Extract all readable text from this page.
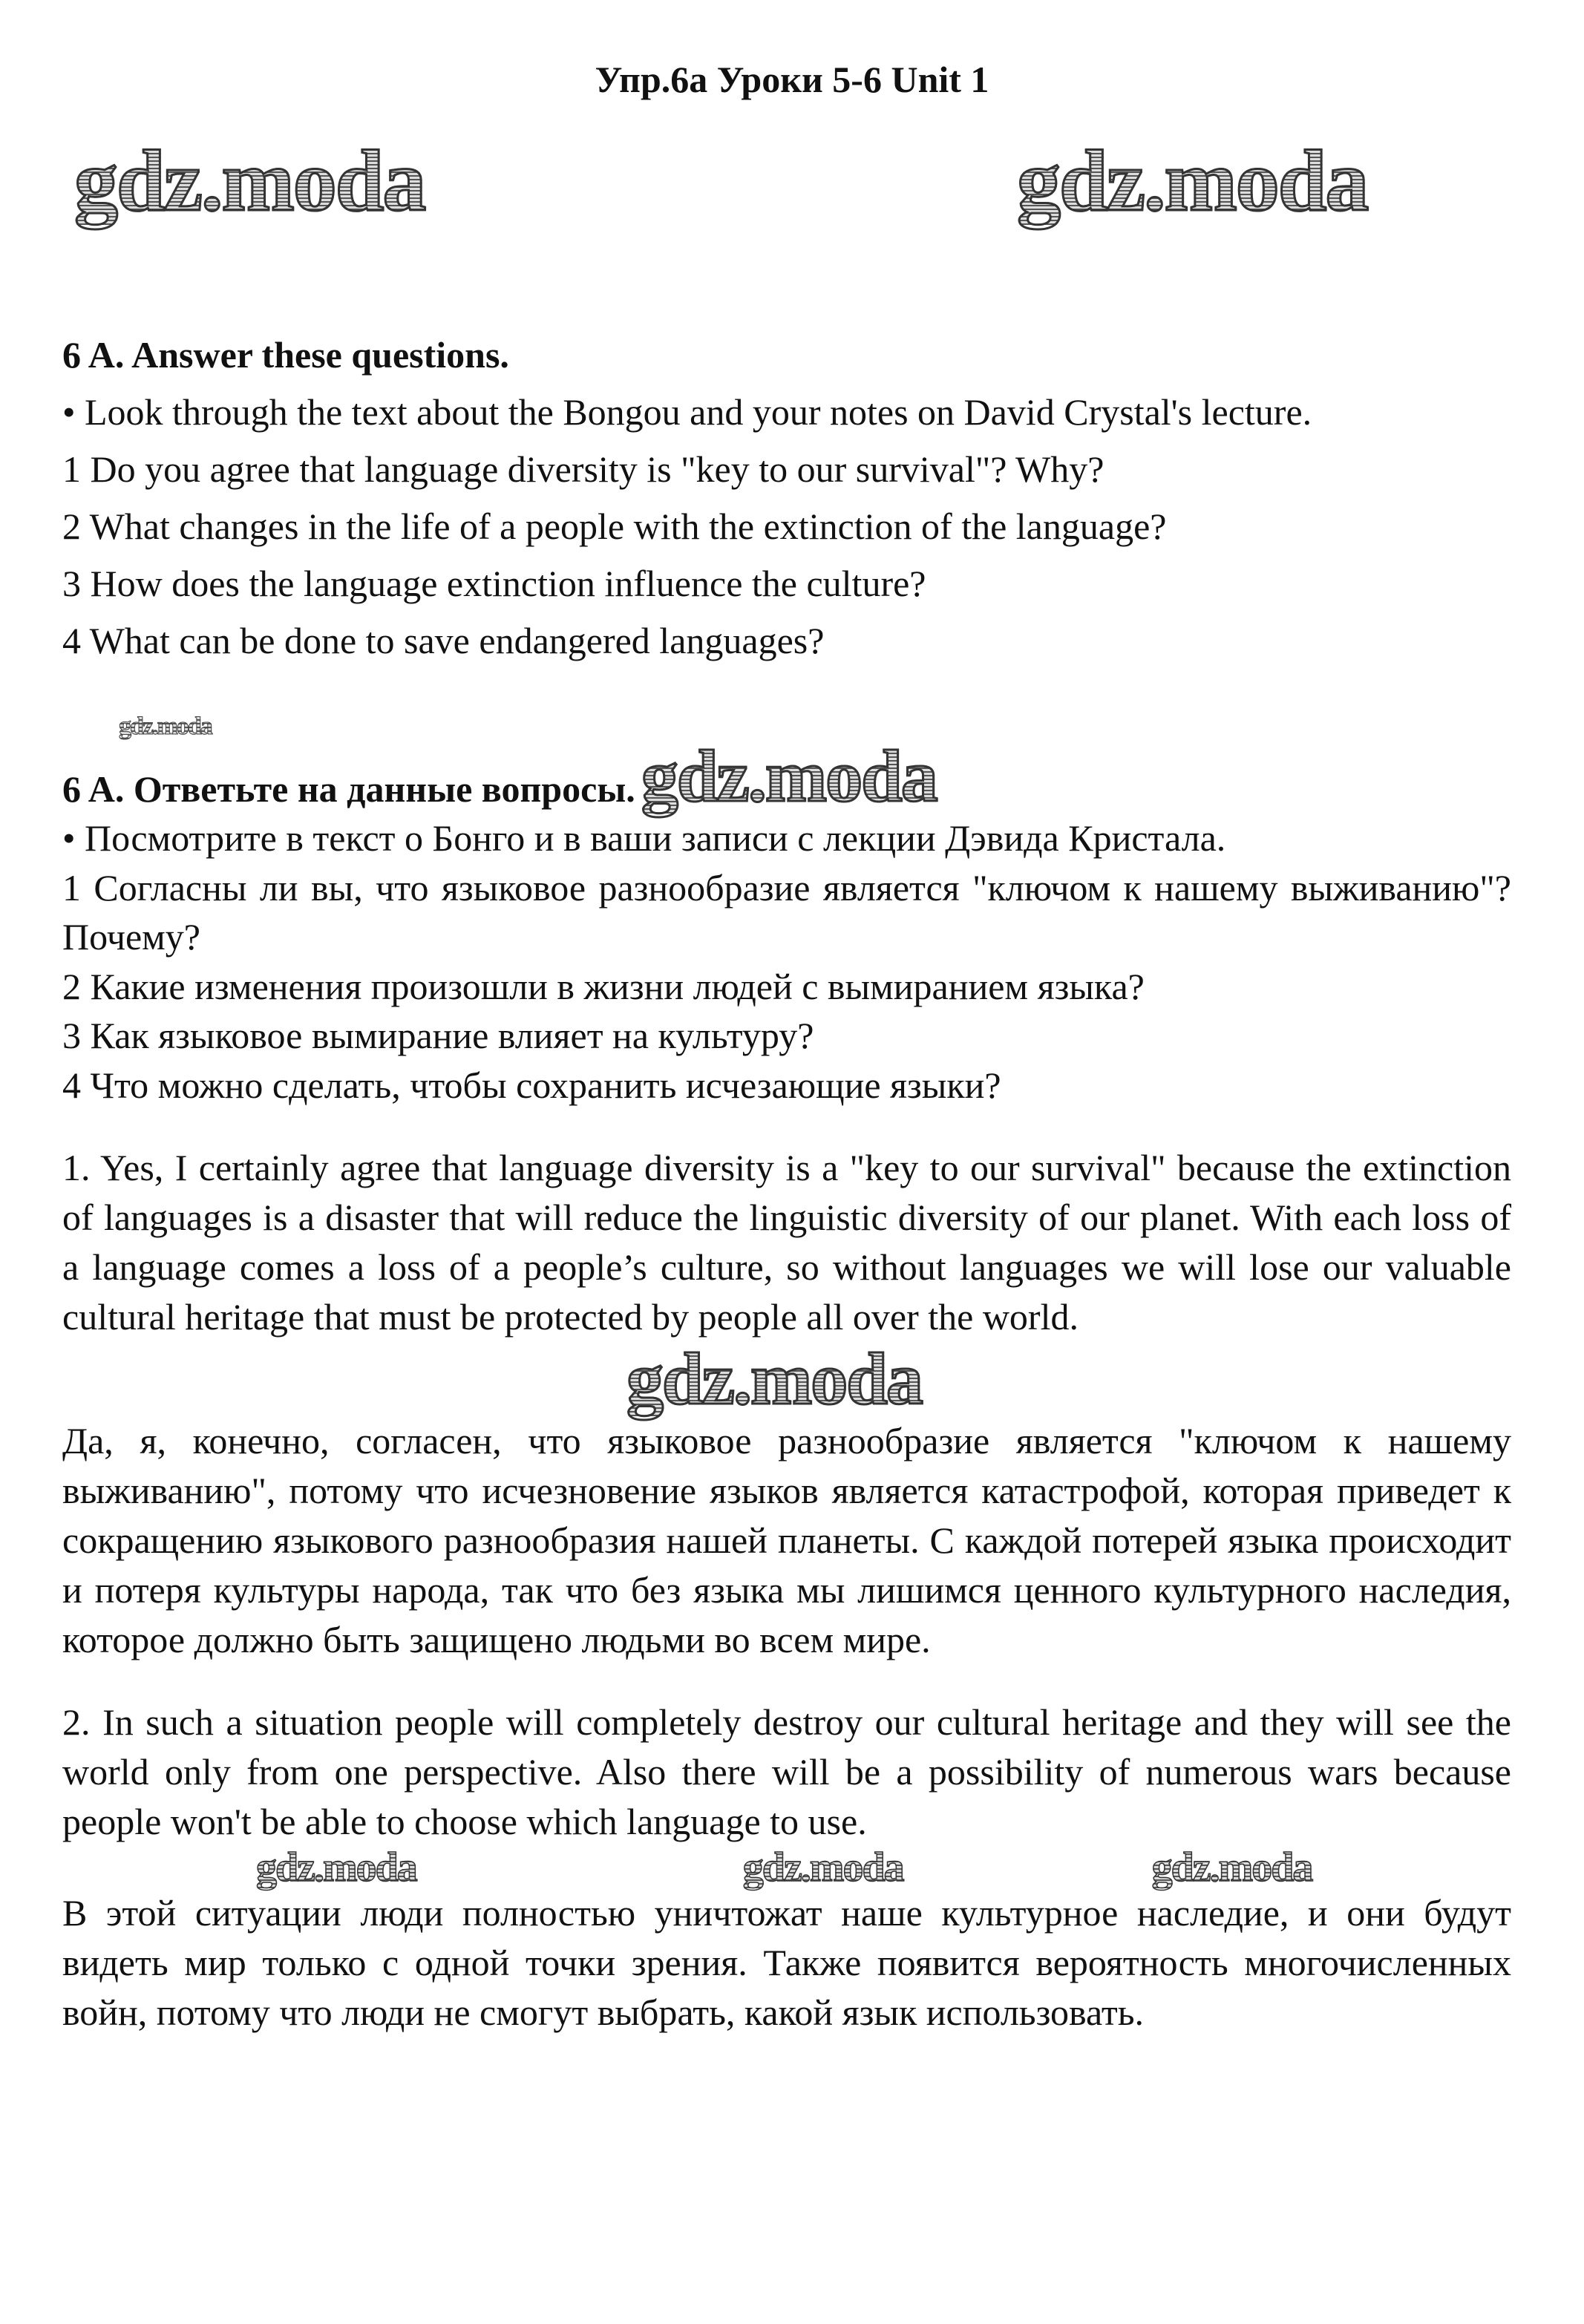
Упр.6а Уроки 5-6 Unit 1
gdz.moda	gdz.moda

6 A. Answer these questions.

• Look through the text about the Bongou and your notes on David Crystal's lecture.

1 Do you agree that language diversity is "key to our survival"? Why?

2 What changes in the life of a people with the extinction of the language?

3 How does the language extinction influence the culture?

4 What can be done to save endangered languages?

gdz.moda
6 A. Ответьте на данные вопросы. gdz.moda

• Посмотрите в текст о Бонго и в ваши записи с лекции Дэвида Кристала.

1 Согласны ли вы, что языковое разнообразие является "ключом к нашему выживанию"? Почему?

2 Какие изменения произошли в жизни людей с вымиранием языка?

3 Как языковое вымирание влияет на культуру?

4 Что можно сделать, чтобы сохранить исчезающие языки?

1. Yes, I certainly agree that language diversity is a "key to our survival" because the extinction of languages is a disaster that will reduce the linguistic diversity of our planet. With each loss of a language comes a loss of a people’s culture, so without languages we will lose our valuable cultural heritage that must be protected by people all over the world.

gdz.moda

Да, я, конечно, согласен, что языковое разнообразие является "ключом к нашему выживанию", потому что исчезновение языков является катастрофой, которая приведет к сокращению языкового разнообразия нашей планеты. С каждой потерей языка происходит и потеря культуры народа, так что без языка мы лишимся ценного культурного наследия, которое должно быть защищено людьми во всем мире.

2. In such a situation people will completely destroy our cultural heritage and they will see the world only from one perspective. Also there will be a possibility of numerous wars because people won't be able to choose which language to use.

gdz.moda	gdz.moda	gdz.moda

В этой ситуации люди полностью уничтожат наше культурное наследие, и они будут видеть мир только с одной точки зрения. Также появится вероятность многочисленных войн, потому что люди не смогут выбрать, какой язык использовать.
